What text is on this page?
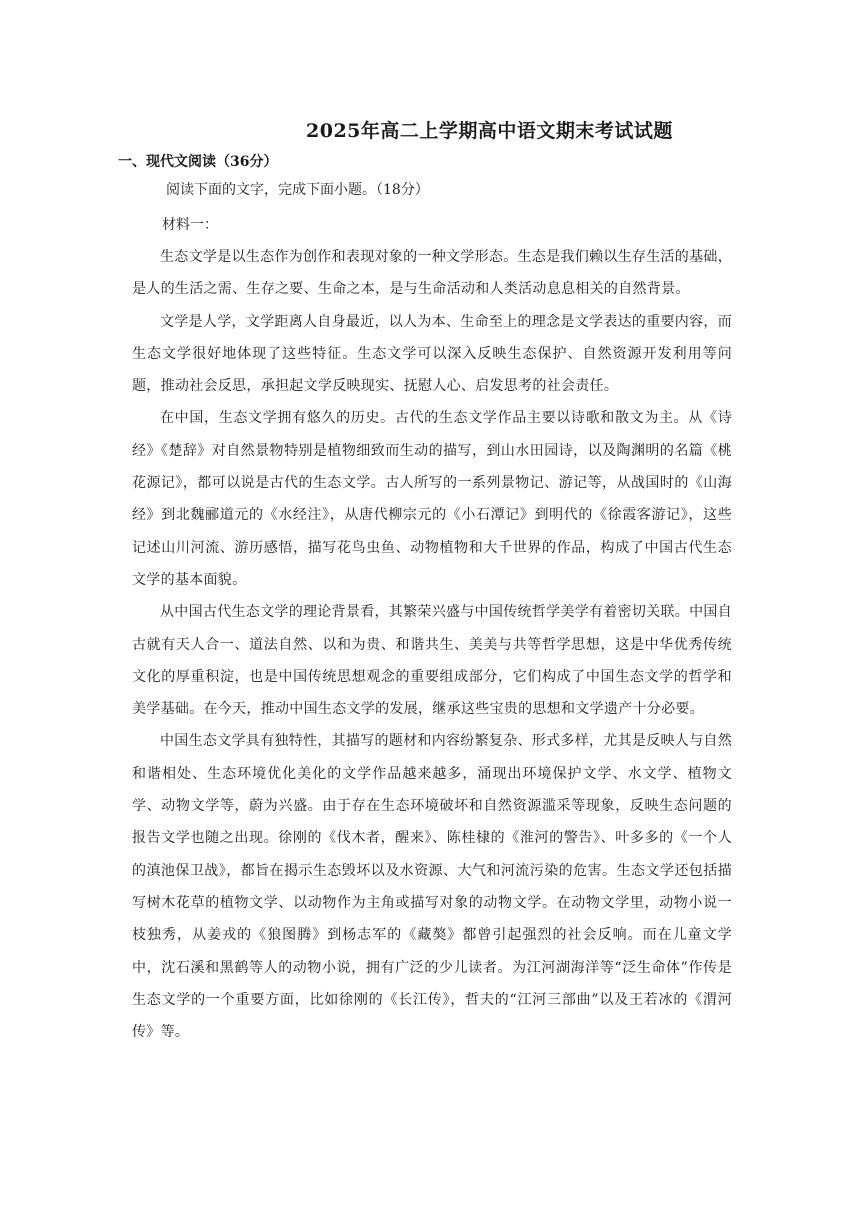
2025年高二上学期高中语文期末考试试题
一、现代文阅读（36分）
阅读下面的文字，完成下面小题。（18分）
材料一：

生态文学是以生态作为创作和表现对象的一种文学形态。生态是我们赖以生存生活的基础，是人的生活之需、生存之要、生命之本，是与生命活动和人类活动息息相关的自然背景。

文学是人学，文学距离人自身最近，以人为本、生命至上的理念是文学表达的重要内容，而生态文学很好地体现了这些特征。生态文学可以深入反映生态保护、自然资源开发利用等问题，推动社会反思，承担起文学反映现实、抚慰人心、启发思考的社会责任。

在中国，生态文学拥有悠久的历史。古代的生态文学作品主要以诗歌和散文为主。从《诗经》《楚辞》对自然景物特别是植物细致而生动的描写，到山水田园诗，以及陶渊明的名篇《桃花源记》，都可以说是古代的生态文学。古人所写的一系列景物记、游记等，从战国时的《山海经》到北魏郦道元的《水经注》，从唐代柳宗元的《小石潭记》到明代的《徐霞客游记》，这些记述山川河流、游历感悟，描写花鸟虫鱼、动物植物和大千世界的作品，构成了中国古代生态文学的基本面貌。

从中国古代生态文学的理论背景看，其繁荣兴盛与中国传统哲学美学有着密切关联。中国自古就有天人合一、道法自然、以和为贵、和谐共生、美美与共等哲学思想，这是中华优秀传统文化的厚重积淀，也是中国传统思想观念的重要组成部分，它们构成了中国生态文学的哲学和美学基础。在今天，推动中国生态文学的发展，继承这些宝贵的思想和文学遗产十分必要。

中国生态文学具有独特性，其描写的题材和内容纷繁复杂、形式多样，尤其是反映人与自然和谐相处、生态环境优化美化的文学作品越来越多，涌现出环境保护文学、水文学、植物文学、动物文学等，蔚为兴盛。由于存在生态环境破坏和自然资源滥采等现象，反映生态问题的报告文学也随之出现。徐刚的《伐木者，醒来》、陈桂棣的《淮河的警告》、叶多多的《一个人的滇池保卫战》，都旨在揭示生态毁坏以及水资源、大气和河流污染的危害。生态文学还包括描写树木花草的植物文学、以动物作为主角或描写对象的动物文学。在动物文学里，动物小说一枝独秀，从姜戎的《狼图腾》到杨志军的《藏獒》都曾引起强烈的社会反响。而在儿童文学中，沈石溪和黑鹤等人的动物小说，拥有广泛的少儿读者。为江河湖海洋等“泛生命体”作传是生态文学的一个重要方面，比如徐刚的《长江传》，哲夫的“江河三部曲”以及王若冰的《渭河传》等。
